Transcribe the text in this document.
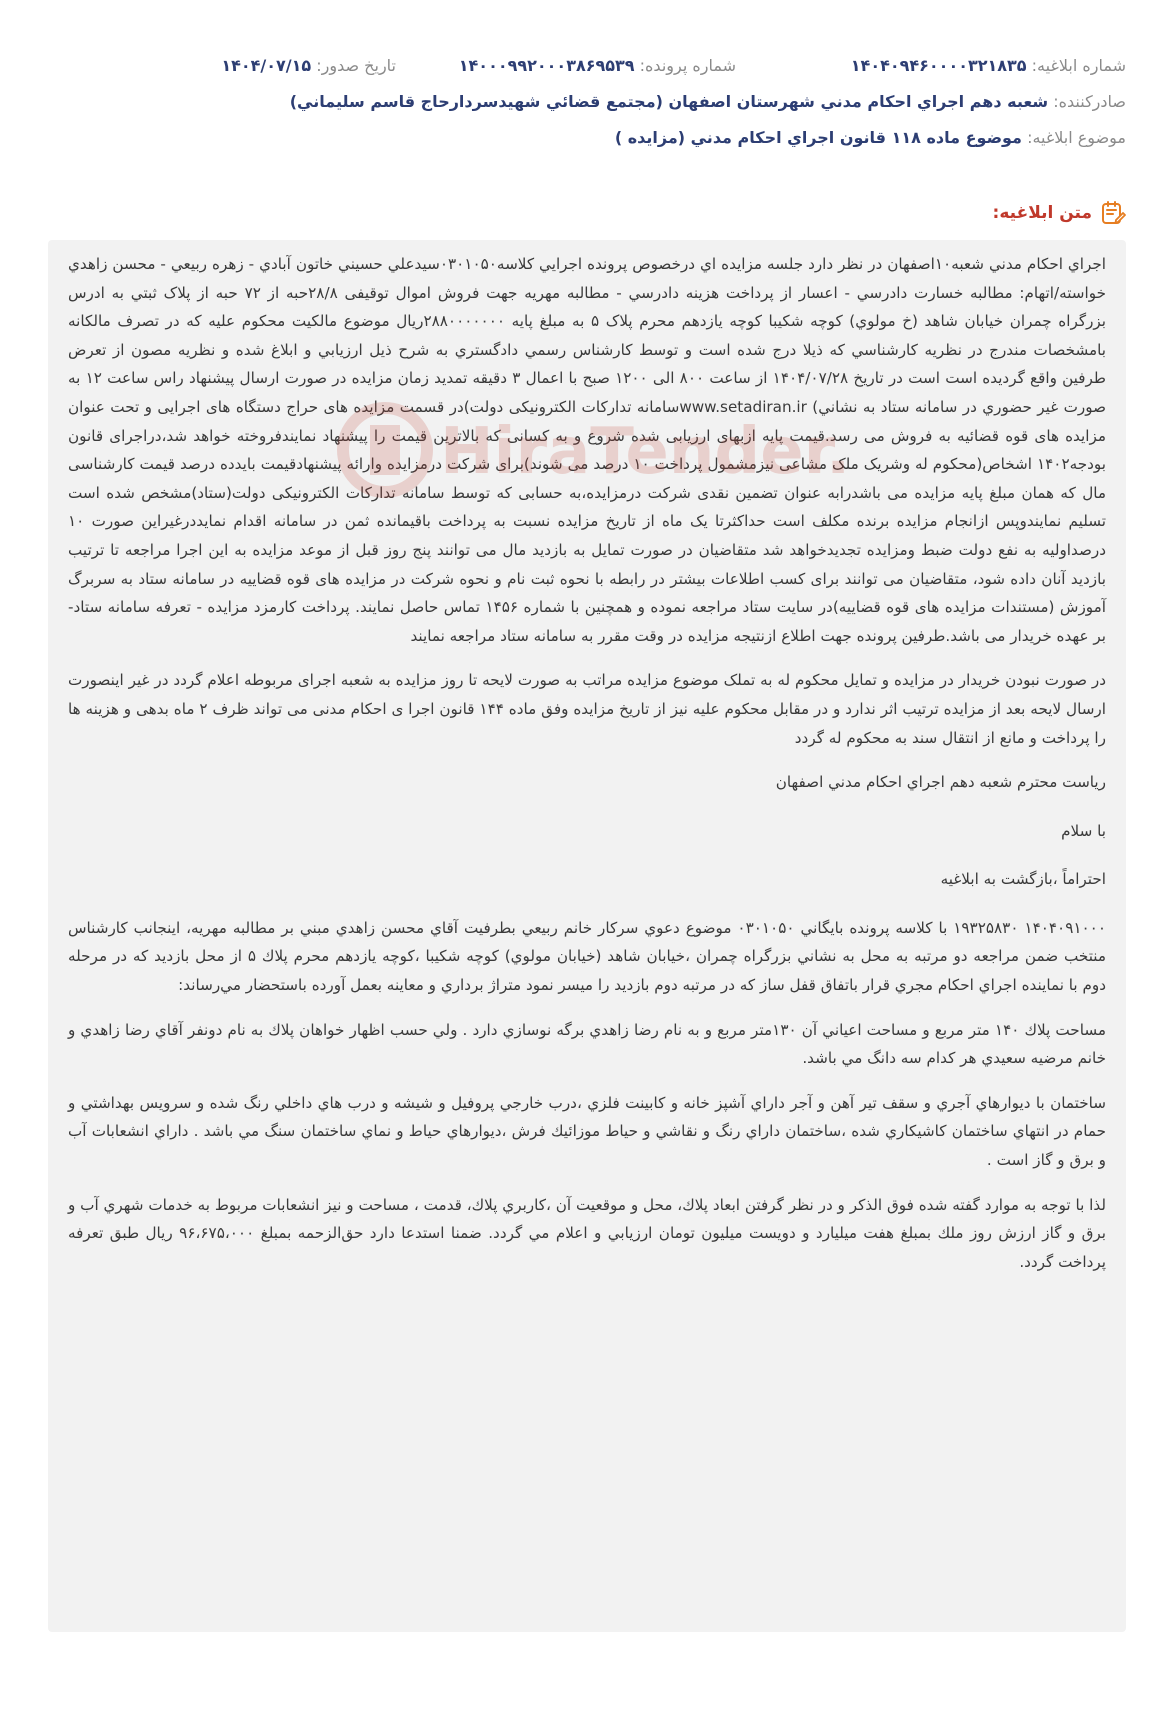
شماره ابلاغیه: ۱۴۰۴۰۹۴۶۰۰۰۰۳۲۱۸۳۵
شماره پرونده: ۱۴۰۰۰۹۹۲۰۰۰۳۸۶۹۵۳۹
تاریخ صدور: ۱۴۰۴/۰۷/۱۵
صادرکننده: شعبه دهم اجراي احكام مدني شهرستان اصفهان (مجتمع قضائي شهيدسردارحاج قاسم سليماني)
موضوع ابلاغیه: موضوع ماده ۱۱۸ قانون اجراي احکام مدني (مزايده )
متن ابلاغیه:

اجراي احكام مدني شعبه۱۰اصفهان در نظر دارد جلسه مزايده اي درخصوص پرونده اجرايي كلاسه۰۳۰۱۰۵۰سیدعلي حسيني خاتون آبادي - زهره ربيعي - محسن زاهدي خواسته/اتهام: مطالبه خسارت دادرسي - اعسار از پرداخت هزينه دادرسي - مطالبه مهريه جهت فروش اموال توقيفی ۲۸/۸حبه از ۷۲ حبه از پلاک ثبتي به ادرس بزرگراه چمران خيابان شاهد (خ مولوي) كوچه شكيبا كوچه يازدهم محرم پلاک ۵ به مبلغ پايه ۲۸۸۰۰۰۰۰۰۰ريال موضوع مالكيت محكوم عليه كه در تصرف مالكانه بامشخصات مندرج در نظريه كارشناسي كه ذيلا درج شده است و توسط كارشناس رسمي دادگستري به شرح ذيل ارزيابي و ابلاغ شده و نظريه مصون از تعرض طرفين واقع گرديده است است در تاريخ ۱۴۰۴/۰۷/۲۸ از ساعت ۸۰۰ الی ۱۲۰۰ صبح با اعمال ۳ دقيقه تمديد زمان مزايده در صورت ارسال پيشنهاد راس ساعت ۱۲ به صورت غير حضوري در سامانه ستاد به نشاني) www.setadiran.irسامانه تداركات الكترونيكی دولت)در قسمت مزايده های حراج دستگاه های اجرايی و تحت عنوان مزايده های قوه قضائيه به فروش می رسد.قيمت پايه ازبهای ارزيابی شده شروع و به كسانی كه بالاترين قيمت را پيشنهاد نمايندفروخته خواهد شد،دراجرای قانون بودجه۱۴۰۲ اشخاص(محكوم له وشريک ملک مشاعی نيزمشمول پرداخت ۱۰ درصد می شوند)برای شركت درمزايده وارائه پيشنهادقيمت بايدده درصد قيمت كارشناسی مال كه همان مبلغ پايه مزايده می باشدرابه عنوان تضمين نقدی شركت درمزايده،به حسابی كه توسط سامانه تداركات الكترونيكی دولت(ستاد)مشخص شده است تسليم نمايندوپس ازانجام مزايده برنده مكلف است حداكثرتا يک ماه از تاريخ مزايده نسبت به پرداخت باقيمانده ثمن در سامانه اقدام نمايددرغيراين صورت ۱۰ درصداوليه به نفع دولت ضبط ومزايده تجديدخواهد شد متقاضيان در صورت تمايل به بازديد مال می توانند پنج روز قبل از موعد مزايده به اين اجرا مراجعه تا ترتيب بازديد آنان داده شود، متقاضيان می توانند برای كسب اطلاعات بيشتر در رابطه با نحوه ثبت نام و نحوه شركت در مزايده های قوه قضاييه در سامانه ستاد به سربرگ آموزش (مستندات مزايده های قوه قضاييه)در سايت ستاد مراجعه نموده و همچنين با شماره ۱۴۵۶ تماس حاصل نمايند. پرداخت كارمزد مزايده - تعرفه سامانه ستاد- بر عهده خريدار می باشد.طرفين پرونده جهت اطلاع ازنتيجه مزايده در وقت مقرر به سامانه ستاد مراجعه نمايند

در صورت نبودن خریدار در مزایده و تمایل محکوم له به تملک موضوع مزایده مراتب به صورت لایحه تا روز مزایده به شعبه اجرای مربوطه اعلام گردد در غیر اینصورت ارسال لایحه بعد از مزایده ترتیب اثر ندارد و در مقابل محکوم علیه نیز از تاریخ مزایده وفق ماده ۱۴۴ قانون اجرا ی احکام مدنی می تواند ظرف ۲ ماه بدهی و هزینه ها را پرداخت و مانع از انتقال سند به محکوم له گردد

رياست محترم شعبه دهم اجراي احكام مدني اصفهان

با سلام

احتراماً ،بازگشت به ابلاغيه

۱۴۰۴۰۹۱۰۰۰ ۱۹۳۲۵۸۳۰ با كلاسه پرونده بايگاني ۰۳۰۱۰۵۰ موضوع دعوي سركار خانم ربيعي بطرفيت آقاي محسن زاهدي مبني بر مطالبه مهريه، اينجانب كارشناس منتخب ضمن مراجعه دو مرتبه به محل به نشاني بزرگراه چمران ،خيابان شاهد (خيابان مولوي) كوچه شكيبا ،كوچه يازدهم محرم پلاك ۵ از محل بازديد كه در مرحله دوم با نماينده اجراي احكام مجري قرار باتفاق قفل ساز كه در مرتبه دوم بازديد را ميسر نمود متراژ برداري و معاينه بعمل آورده باستحضار مي‌رساند:

مساحت پلاك ۱۴۰ متر مربع و مساحت اعياني آن ۱۳۰متر مربع و به نام رضا زاهدي برگه نوسازي دارد . ولي حسب اظهار خواهان پلاك به نام دونفر آقاي رضا زاهدي و خانم مرضيه سعيدي هر كدام سه دانگ مي باشد.

ساختمان با ديوارهاي آجري و سقف تير آهن و آجر داراي آشپز خانه و كابينت فلزي ،درب خارجي پروفيل و شيشه و درب هاي داخلي رنگ شده و سرويس بهداشتي و حمام در انتهاي ساختمان كاشيكاري شده ،ساختمان داراي رنگ و نقاشي و حياط موزائيك فرش ،ديوارهاي حياط و نماي ساختمان سنگ مي باشد . داراي انشعابات آب و برق و گاز است .

لذا با توجه به موارد گفته شده فوق الذكر و در نظر گرفتن ابعاد پلاك، محل و موقعيت آن ،كاربري پلاك، قدمت ، مساحت و نيز انشعابات مربوط به خدمات شهري آب و برق و گاز ارزش روز ملك بمبلغ هفت ميليارد و دويست ميليون تومان ارزيابي و اعلام مي گردد. ضمنا استدعا دارد حق‌الزحمه بمبلغ ۹۶،۶۷۵،۰۰۰ ريال طبق تعرفه پرداخت گردد.
